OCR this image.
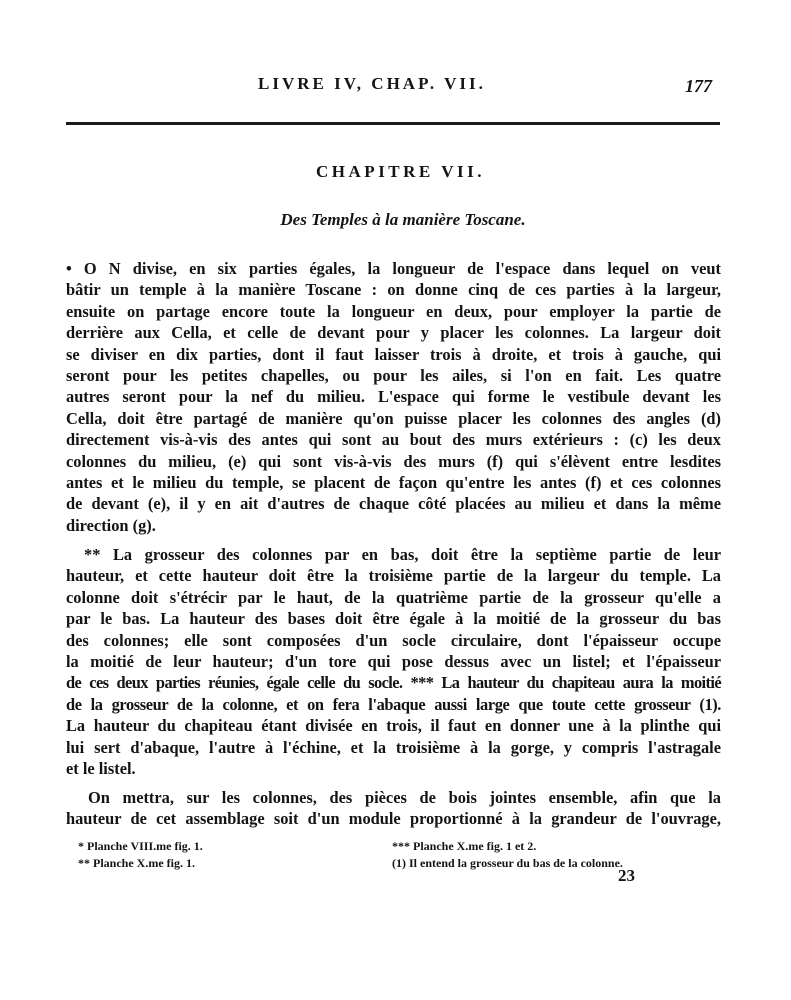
LIVRE IV, CHAP. VII.	177
CHAPITRE VII.
Des Temples à la manière Toscane.
• O N divise, en six parties égales, la longueur de l'espace dans lequel on veut
bâtir un temple à la manière Toscane : on donne cinq de ces parties à la largeur,
ensuite on partage encore toute la longueur en deux, pour employer la partie de
derrière aux Cella, et celle de devant pour y placer les colonnes. La largeur doit
se diviser en dix parties, dont il faut laisser trois à droite, et trois à gauche, qui
seront pour les petites chapelles, ou pour les ailes, si l'on en fait. Les quatre
autres seront pour la nef du milieu. L'espace qui forme le vestibule devant les
Cella, doit être partagé de manière qu'on puisse placer les colonnes des angles (d)
directement vis-à-vis des antes qui sont au bout des murs extérieurs : (c) les deux
colonnes du milieu, (e) qui sont vis-à-vis des murs (f) qui s'élèvent entre lesdites
antes et le milieu du temple, se placent de façon qu'entre les antes (f) et ces colonnes
de devant (e), il y en ait d'autres de chaque côté placées au milieu et dans la même
direction (g).
** La grosseur des colonnes par en bas, doit être la septième partie de leur
hauteur, et cette hauteur doit être la troisième partie de la largeur du temple. La
colonne doit s'étrécir par le haut, de la quatrième partie de la grosseur qu'elle a
par le bas. La hauteur des bases doit être égale à la moitié de la grosseur du bas
des colonnes; elle sont composées d'un socle circulaire, dont l'épaisseur occupe
la moitié de leur hauteur; d'un tore qui pose dessus avec un listel; et l'épaisseur
de ces deux parties réunies, égale celle du socle. *** La hauteur du chapiteau aura la moitié
de la grosseur de la colonne, et on fera l'abaque aussi large que toute cette grosseur (1).
La hauteur du chapiteau étant divisée en trois, il faut en donner une à la plinthe qui
lui sert d'abaque, l'autre à l'échine, et la troisième à la gorge, y compris l'astragale
et le listel.
On mettra, sur les colonnes, des pièces de bois jointes ensemble, afin que la
hauteur de cet assemblage soit d'un module proportionné à la grandeur de l'ouvrage,
* Planche VIII.me fig. 1.
** Planche X.me fig. 1.
*** Planche X.me fig. 1 et 2.
(1) Il entend la grosseur du bas de la colonne.
23
